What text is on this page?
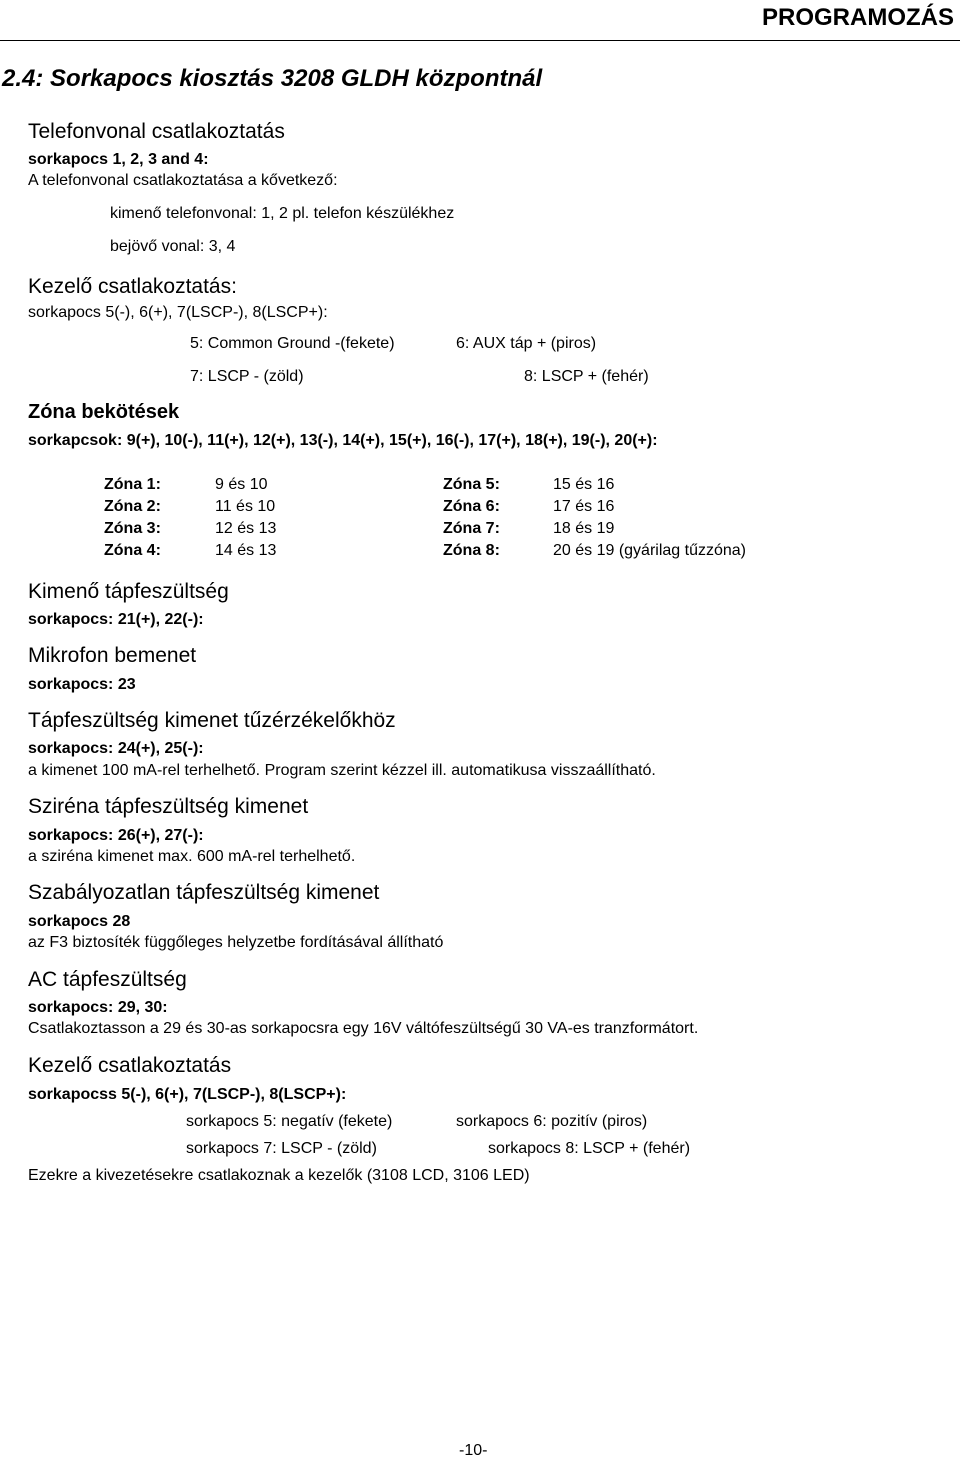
PROGRAMOZÁS
2.4: Sorkapocs kiosztás 3208 GLDH központnál
Telefonvonal csatlakoztatás
sorkapocs 1, 2, 3 and 4:
A telefonvonal csatlakoztatása a kővetkező:
kimenő telefonvonal: 1, 2 pl. telefon készülékhez
bejövő vonal: 3, 4
Kezelő csatlakoztatás:
sorkapocs 5(-), 6(+), 7(LSCP-), 8(LSCP+):
5: Common Ground -(fekete)	6: AUX táp + (piros)
7: LSCP - (zöld)	8: LSCP + (fehér)
Zóna bekötések
sorkapcsok: 9(+), 10(-), 11(+), 12(+), 13(-), 14(+), 15(+), 16(-), 17(+), 18(+), 19(-), 20(+):
Zóna 1:	9 és 10
Zóna 2:	11 és 10
Zóna 3:	12 és 13
Zóna 4:	14 és 13
Zóna 5:	15 és 16
Zóna 6:	17 és 16
Zóna 7:	18 és 19
Zóna 8:	20 és 19 (gyárilag tűzzóna)
Kimenő tápfeszültség
sorkapocs: 21(+), 22(-):
Mikrofon bemenet
sorkapocs: 23
Tápfeszültség kimenet tűzérzékelőkhöz
sorkapocs: 24(+), 25(-):
a kimenet 100 mA-rel terhelhető. Program szerint kézzel ill. automatikusa visszaállítható.
Sziréna tápfeszültség kimenet
sorkapocs: 26(+), 27(-):
a sziréna kimenet max. 600 mA-rel terhelhető.
Szabályozatlan tápfeszültség kimenet
sorkapocs 28
az F3 biztosíték függőleges helyzetbe fordításával állítható
AC tápfeszültség
sorkapocs: 29, 30:
Csatlakoztasson a 29 és 30-as sorkapocsra egy 16V váltófeszültségű 30 VA-es tranzformátort.
Kezelő csatlakoztatás
sorkapocss 5(-), 6(+), 7(LSCP-), 8(LSCP+):
sorkapocs 5: negatív (fekete)	sorkapocs 6: pozitív (piros)
sorkapocs 7: LSCP - (zöld)	sorkapocs 8: LSCP + (fehér)
Ezekre a kivezetésekre csatlakoznak a kezelők (3108 LCD, 3106 LED)
-10-
